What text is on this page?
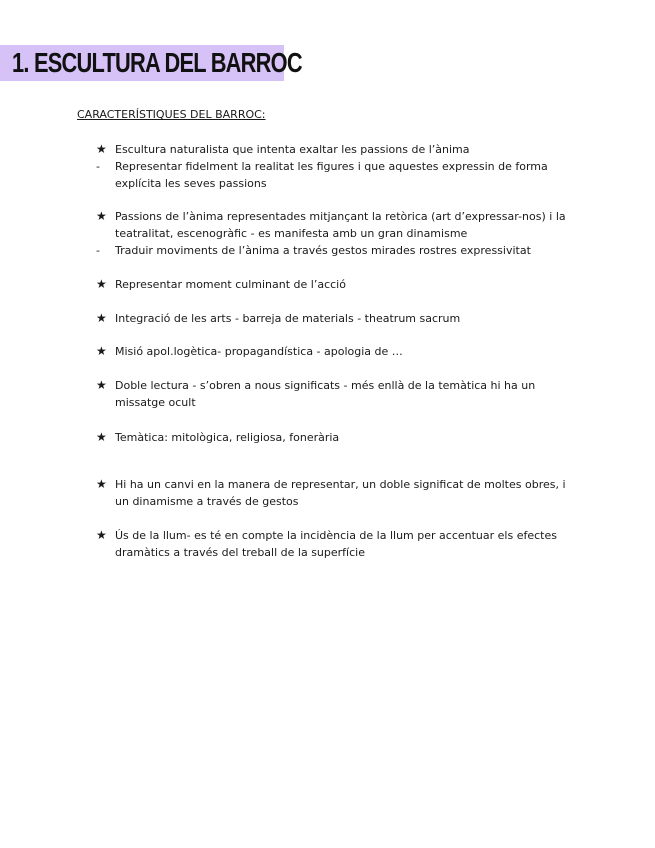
1. ESCULTURA DEL BARROC
CARACTERÍSTIQUES DEL BARROC:
★ Escultura naturalista que intenta exaltar les passions de l’ànima
-	Representar fidelment la realitat les figures i que aquestes expressin de forma explícita les seves passions
★ Passions de l’ànima representades mitjançant la retòrica (art d’expressar-nos) i la teatralitat, escenogràfic - es manifesta amb un gran dinamisme
-	Traduir moviments de l’ànima a través gestos mirades rostres expressivitat
★ Representar moment culminant de l’acció
★ Integració de les arts - barreja de materials - theatrum sacrum
★ Misió apol.logètica- propagandística - apologia de …
★ Doble lectura - s’obren a nous significats - més enllà de la temàtica hi ha un missatge ocult
★ Temàtica: mitològica, religiosa, fonerària
★ Hi ha un canvi en la manera de representar, un doble significat de moltes obres, i un dinamisme a través de gestos
★ Ús de la llum- es té en compte la incidència de la llum per accentuar els efectes dramàtics a través del treball de la superfície
